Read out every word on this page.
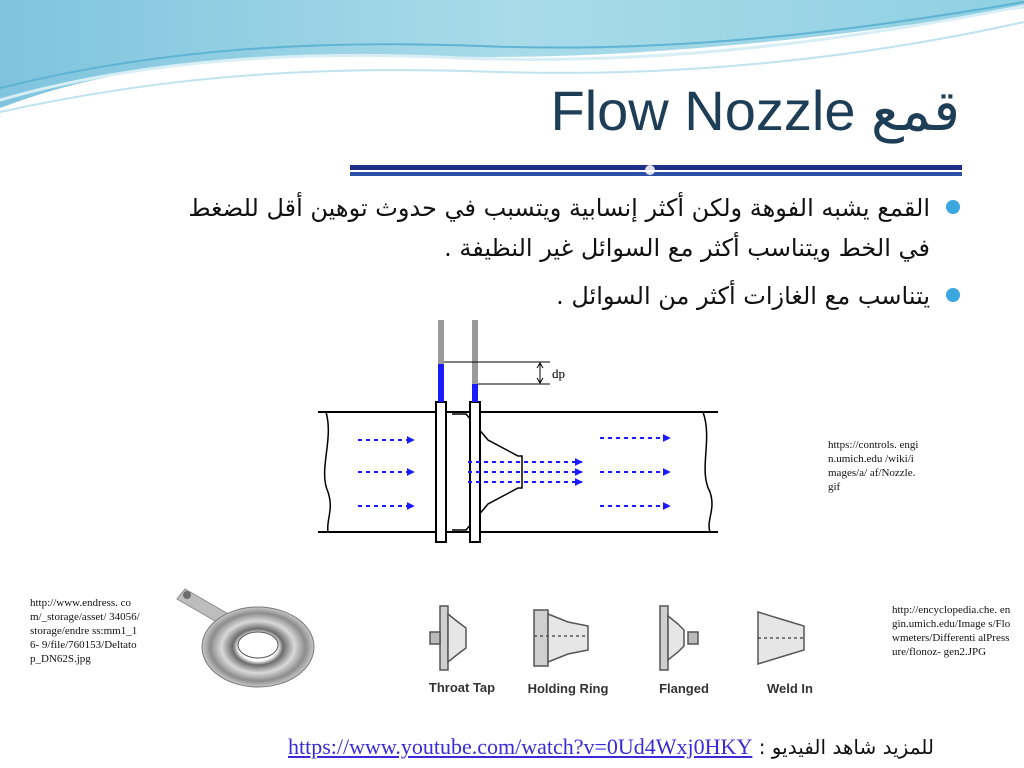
Flow Nozzle قمع
القمع يشبه الفوهة ولكن أكثر إنسابية ويتسبب في حدوث توهين أقل للضغط
في الخط ويتناسب أكثر مع السوائل غير النظيفة .
يتناسب مع الغازات أكثر من السوائل .
dp
https://controls. engin.umich.edu /wiki/images/a/ af/Nozzle.gif
http://www.endress. com/_storage/asset/ 34056/storage/endre ss:mm1_16- 9/file/760153/Deltato p_DN62S.jpg
http://encyclopedia.che. engin.umich.edu/Image s/Flowmeters/Differenti alPressure/flonoz- gen2.JPG
Throat Tap Holding Ring	Flanged	Weld In
للمزيد شاهد الفيديو : https://www.youtube.com/watch?v=0Ud4Wxj0HKY
